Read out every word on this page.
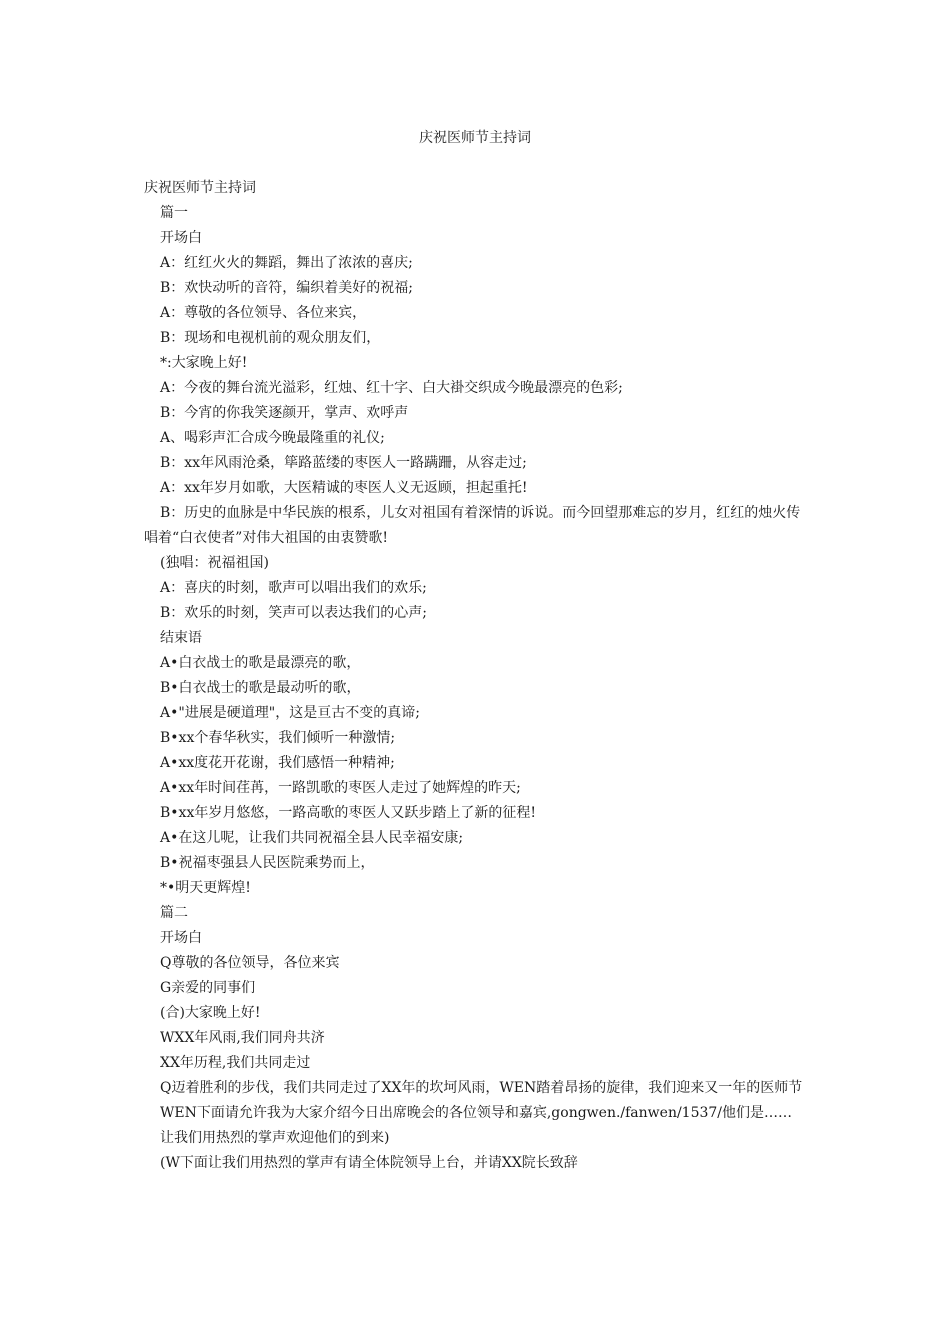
庆祝医师节主持词

庆祝医师节主持词

篇一

开场白

A：红红火火的舞蹈，舞出了浓浓的喜庆;

B：欢快动听的音符，编织着美好的祝福;

A：尊敬的各位领导、各位来宾，

B：现场和电视机前的观众朋友们，

*:大家晚上好!

A：今夜的舞台流光溢彩，红烛、红十字、白大褂交织成今晚最漂亮的色彩;

B：今宵的你我笑逐颜开，掌声、欢呼声

A、喝彩声汇合成今晚最隆重的礼仪;

B：xx年风雨沧桑，筚路蓝缕的枣医人一路蹒跚，从容走过;

A：xx年岁月如歌，大医精诚的枣医人义无返顾，担起重托!

B：历史的血脉是中华民族的根系，儿女对祖国有着深情的诉说。而今回望那难忘的岁月，红红的烛火传唱着“白衣使者”对伟大祖国的由衷赞歌!

(独唱：祝福祖国)

A：喜庆的时刻，歌声可以唱出我们的欢乐;

B：欢乐的时刻，笑声可以表达我们的心声;

结束语

A•白衣战士的歌是最漂亮的歌，

B•白衣战士的歌是最动听的歌，

A•"进展是硬道理"，这是亘古不变的真谛;

B•xx个春华秋实，我们倾听一种激情;

A•xx度花开花谢，我们感悟一种精神;

A•xx年时间荏苒，一路凯歌的枣医人走过了她辉煌的昨天;

B•xx年岁月悠悠，一路高歌的枣医人又跃步踏上了新的征程!

A•在这儿呢，让我们共同祝福全县人民幸福安康;

B•祝福枣强县人民医院乘势而上，

*•明天更辉煌!

篇二

开场白

Q尊敬的各位领导，各位来宾

G亲爱的同事们

(合)大家晚上好!

WXX年风雨,我们同舟共济

XX年历程,我们共同走过

Q迈着胜利的步伐，我们共同走过了XX年的坎坷风雨，WEN踏着昂扬的旋律，我们迎来又一年的医师节

WEN下面请允许我为大家介绍今日出席晚会的各位领导和嘉宾,gongwen./fanwen/1537/他们是……

让我们用热烈的掌声欢迎他们的到来)

(W下面让我们用热烈的掌声有请全体院领导上台，并请XX院长致辞
